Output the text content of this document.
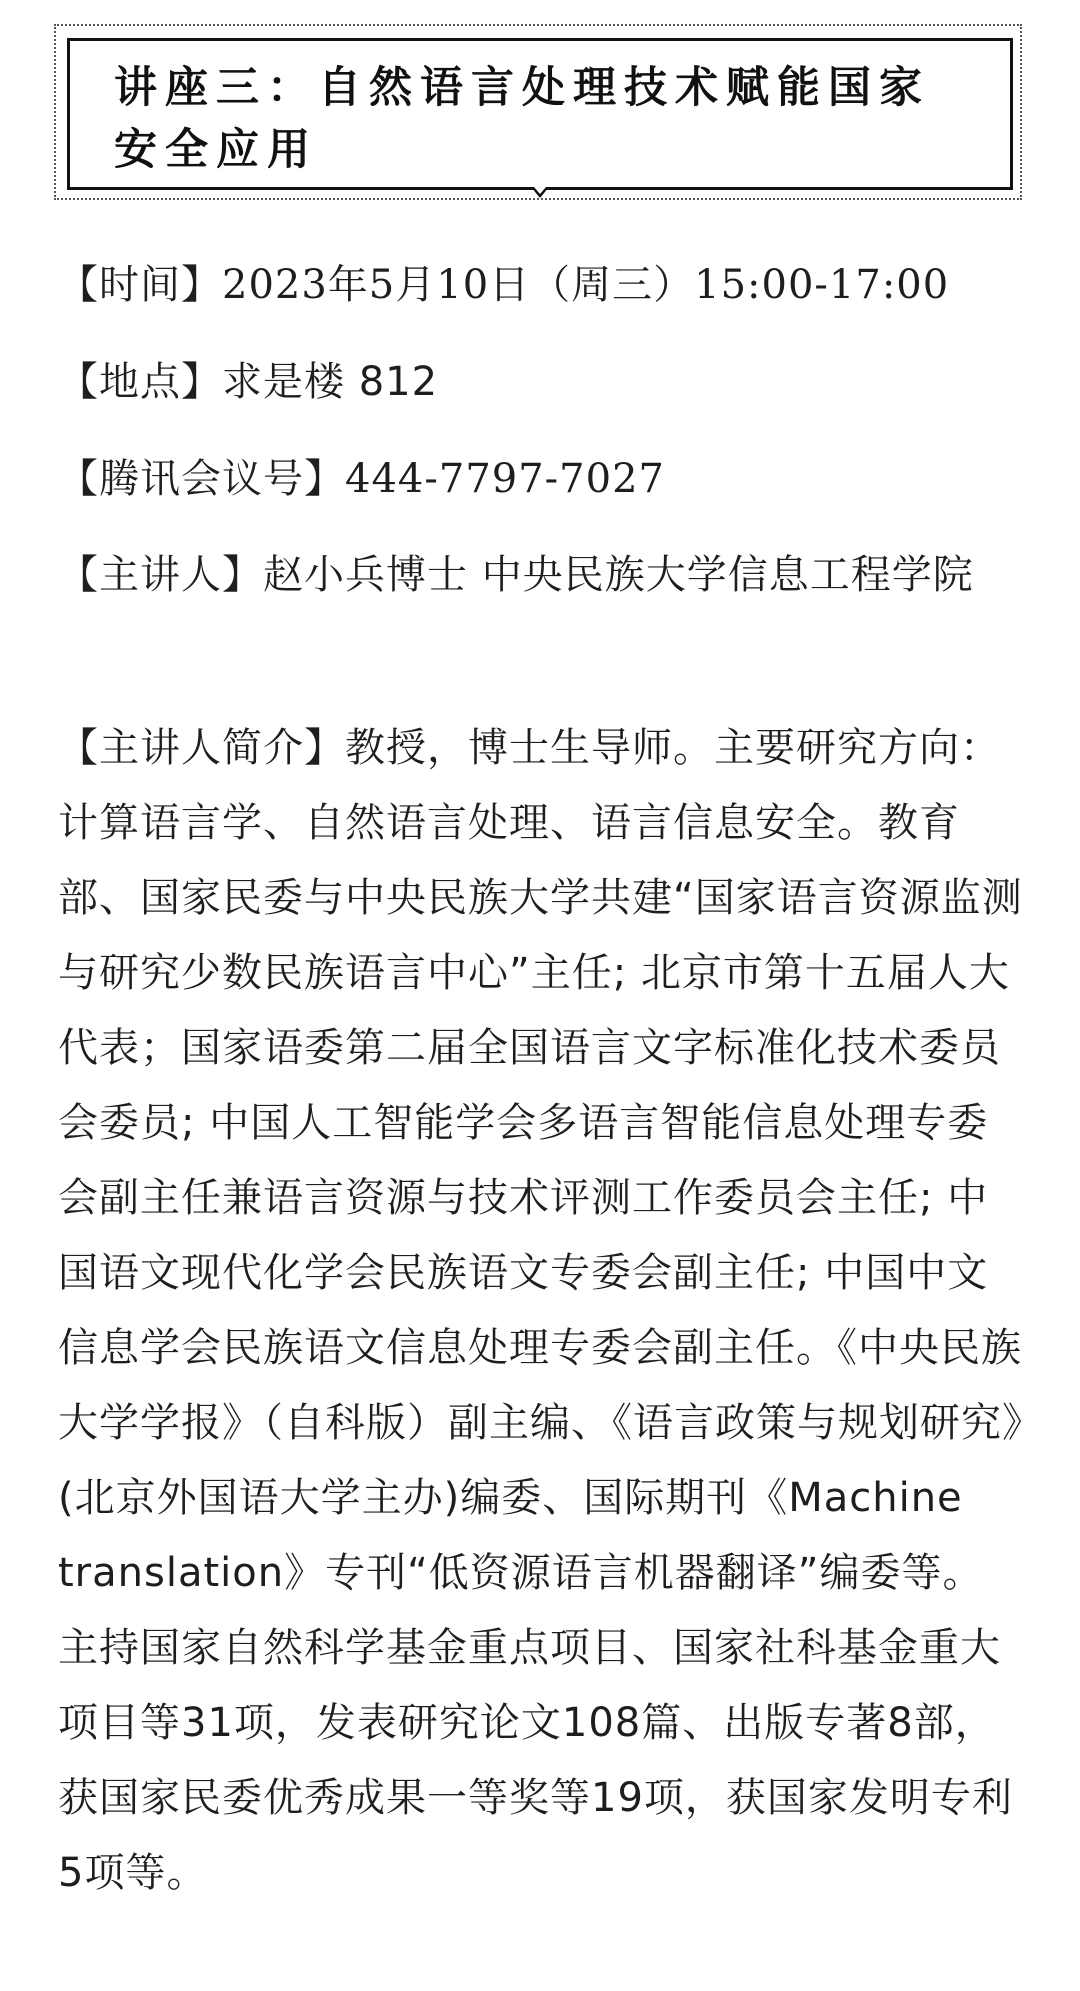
讲座三：自然语言处理技术赋能国家安全应用

【时间】2023年5月10日（周三）15:00-17:00

【地点】求是楼 812

【腾讯会议号】444-7797-7027

【主讲人】赵小兵博士 中央民族大学信息工程学院

【主讲人简介】教授，博士生导师。主要研究方向：计算语言学、自然语言处理、语言信息安全。教育部、国家民委与中央民族大学共建“国家语言资源监测与研究少数民族语言中心”主任; 北京市第十五届人大代表；国家语委第二届全国语言文字标准化技术委员会委员; 中国人工智能学会多语言智能信息处理专委会副主任兼语言资源与技术评测工作委员会主任; 中国语文现代化学会民族语文专委会副主任; 中国中文信息学会民族语文信息处理专委会副主任。《中央民族大学学报》（自科版）副主编、《语言政策与规划研究》(北京外国语大学主办)编委、国际期刊《Machine translation》专刊“低资源语言机器翻译”编委等。主持国家自然科学基金重点项目、国家社科基金重大项目等31项，发表研究论文108篇、出版专著8部，获国家民委优秀成果一等奖等19项，获国家发明专利5项等。
